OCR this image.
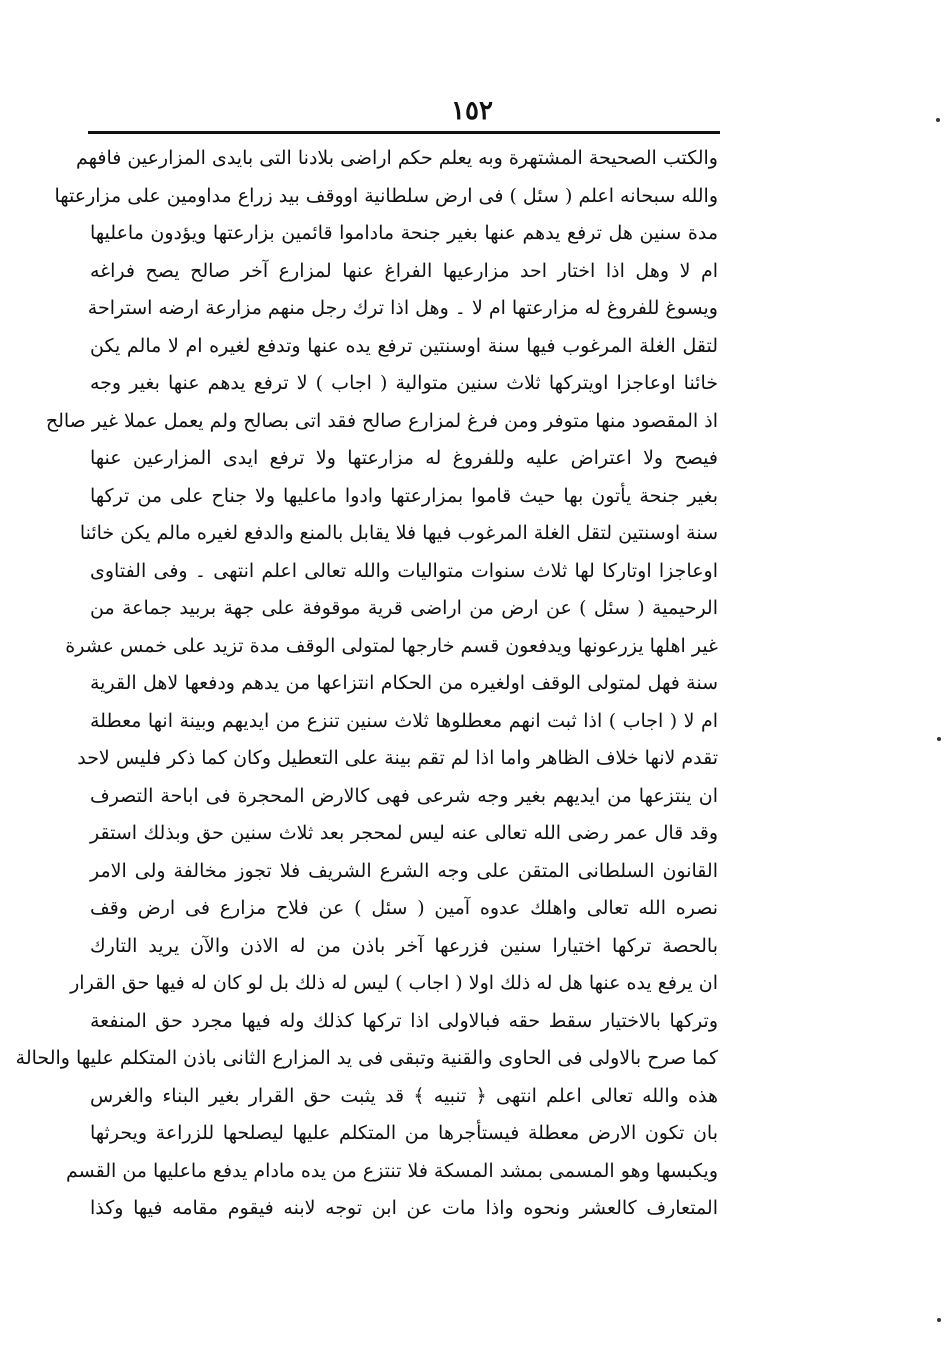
١٥٢
والكتب الصحيحة المشتهرة وبه يعلم حكم اراضى بلادنا التى بايدى المزارعين فافهم
والله سبحانه اعلم ( سئل ) فى ارض سلطانية اووقف بيد زراع مداومين على مزارعتها
مدة سنين هل ترفع يدهم عنها بغير جنحة ماداموا قائمين بزارعتها ويؤدون ماعليها
ام لا وهل اذا اختار احد مزارعيها الفراغ عنها لمزارع آخر صالح يصح فراغه
ويسوغ للفروغ له مزارعتها ام لا ۔ وهل اذا ترك رجل منهم مزارعة ارضه استراحة
لتقل الغلة المرغوب فيها سنة اوسنتين ترفع يده عنها وتدفع لغيره ام لا مالم يكن
خائنا اوعاجزا اويتركها ثلاث سنين متوالية ( اجاب ) لا ترفع يدهم عنها بغير وجه
اذ المقصود منها متوفر ومن فرغ لمزارع صالح فقد اتى بصالح ولم يعمل عملا غير صالح
فيصح ولا اعتراض عليه وللفروغ له مزارعتها ولا ترفع ايدى المزارعين عنها
بغير جنحة يأتون بها حيث قاموا بمزارعتها وادوا ماعليها ولا جناح على من تركها
سنة اوسنتين لتقل الغلة المرغوب فيها فلا يقابل بالمنع والدفع لغيره مالم يكن خائنا
اوعاجزا اوتاركا لها ثلاث سنوات متواليات والله تعالى اعلم انتهى ۔ وفى الفتاوى
الرحيمية ( سئل ) عن ارض من اراضى قرية موقوفة على جهة بربيد جماعة من
غير اهلها يزرعونها ويدفعون قسم خارجها لمتولى الوقف مدة تزيد على خمس عشرة
سنة فهل لمتولى الوقف اولغيره من الحكام انتزاعها من يدهم ودفعها لاهل القرية
ام لا ( اجاب ) اذا ثبت انهم معطلوها ثلاث سنين تنزع من ايديهم وبينة انها معطلة
تقدم لانها خلاف الظاهر واما اذا لم تقم بينة على التعطيل وكان كما ذكر فليس لاحد
ان ينتزعها من ايديهم بغير وجه شرعى فهى كالارض المحجرة فى اباحة التصرف
وقد قال عمر رضى الله تعالى عنه ليس لمحجر بعد ثلاث سنين حق وبذلك استقر
القانون السلطانى المتقن على وجه الشرع الشريف فلا تجوز مخالفة ولى الامر
نصره الله تعالى واهلك عدوه آمين ( سئل ) عن فلاح مزارع فى ارض وقف
بالحصة تركها اختيارا سنين فزرعها آخر باذن من له الاذن والآن يريد التارك
ان يرفع يده عنها هل له ذلك اولا ( اجاب ) ليس له ذلك بل لو كان له فيها حق القرار
وتركها بالاختيار سقط حقه فبالاولى اذا تركها كذلك وله فيها مجرد حق المنفعة
كما صرح بالاولى فى الحاوى والقنية وتبقى فى يد المزارع الثانى باذن المتكلم عليها والحالة
هذه والله تعالى اعلم انتهى ﴿ تنبيه ﴾ قد يثبت حق القرار بغير البناء والغرس
بان تكون الارض معطلة فيستأجرها من المتكلم عليها ليصلحها للزراعة ويحرثها
ويكبسها وهو المسمى بمشد المسكة فلا تنتزع من يده مادام يدفع ماعليها من القسم
المتعارف كالعشر ونحوه واذا مات عن ابن توجه لابنه فيقوم مقامه فيها وكذا
